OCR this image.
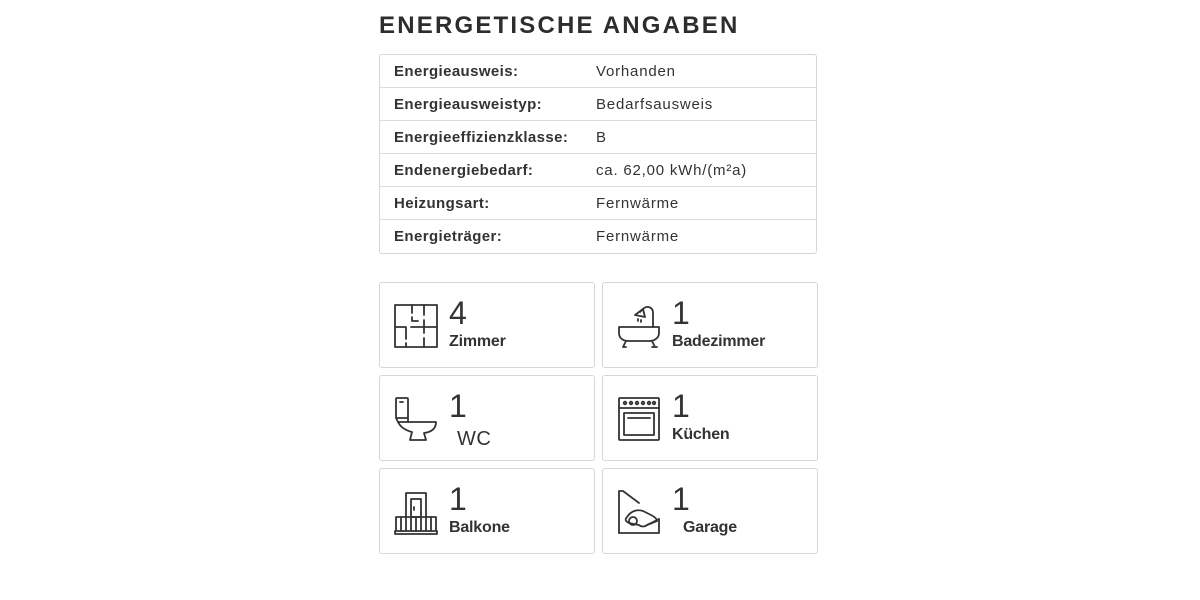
ENERGETISCHE ANGABEN
Energieausweis:	Vorhanden
Energieausweistyp:	Bedarfsausweis
Energieeffizienzklasse:	B
Endenergiebedarf:	ca. 62,00 kWh/(m²a)
Heizungsart:	Fernwärme
Energieträger:	Fernwärme
4
Zimmer
1
Badezimmer
1
WC
1
Küchen
1
Balkone
1
Garage
